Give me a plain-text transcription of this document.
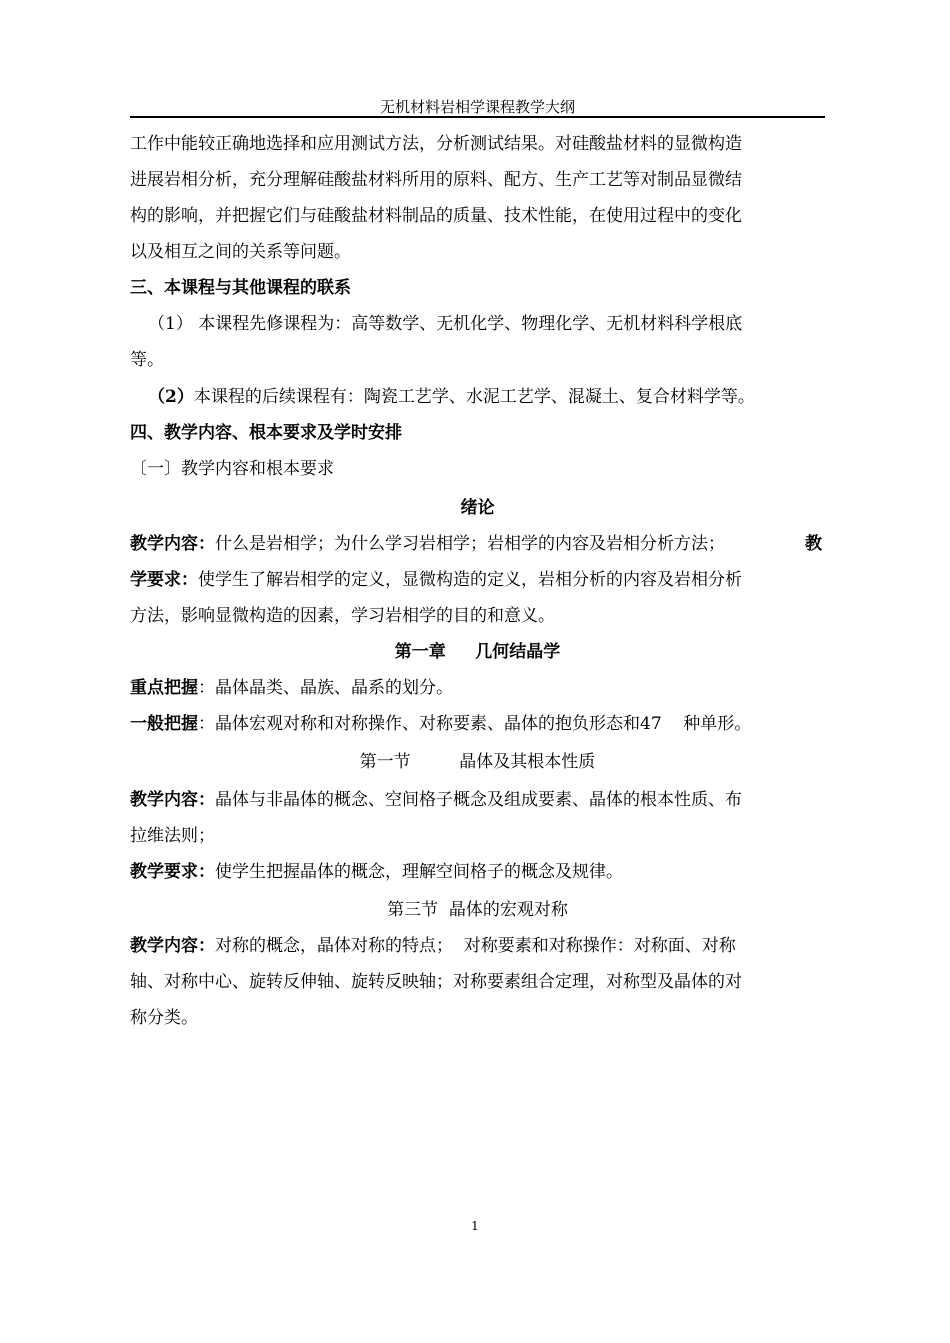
无机材料岩相学课程教学大纲
工作中能较正确地选择和应用测试方法，分析测试结果。对硅酸盐材料的显微构造
进展岩相分析，充分理解硅酸盐材料所用的原料、配方、生产工艺等对制品显微结
构的影响，并把握它们与硅酸盐材料制品的质量、技术性能，在使用过程中的变化
以及相互之间的关系等问题。
三、本课程与其他课程的联系
（1） 本课程先修课程为：高等数学、无机化学、物理化学、无机材料科学根底
等。
（2）本课程的后续课程有：陶瓷工艺学、水泥工艺学、混凝土、复合材料学等。
四、教学内容、根本要求及学时安排
〔一〕教学内容和根本要求
绪论
教学内容：什么是岩相学；为什么学习岩相学；岩相学的内容及岩相分析方法；	教
学要求：使学生了解岩相学的定义，显微构造的定义，岩相分析的内容及岩相分析
方法，影响显微构造的因素，学习岩相学的目的和意义。
第一章     几何结晶学
重点把握：晶体晶类、晶族、晶系的划分。
一般把握：晶体宏观对称和对称操作、对称要素、晶体的抱负形态和47    种单形。
第一节         晶体及其根本性质
教学内容：晶体与非晶体的概念、空间格子概念及组成要素、晶体的根本性质、布
拉维法则；
教学要求：使学生把握晶体的概念，理解空间格子的概念及规律。
第三节  晶体的宏观对称
教学内容：对称的概念，晶体对称的特点；  对称要素和对称操作：对称面、对称
轴、对称中心、旋转反伸轴、旋转反映轴；对称要素组合定理，对称型及晶体的对
称分类。
1
